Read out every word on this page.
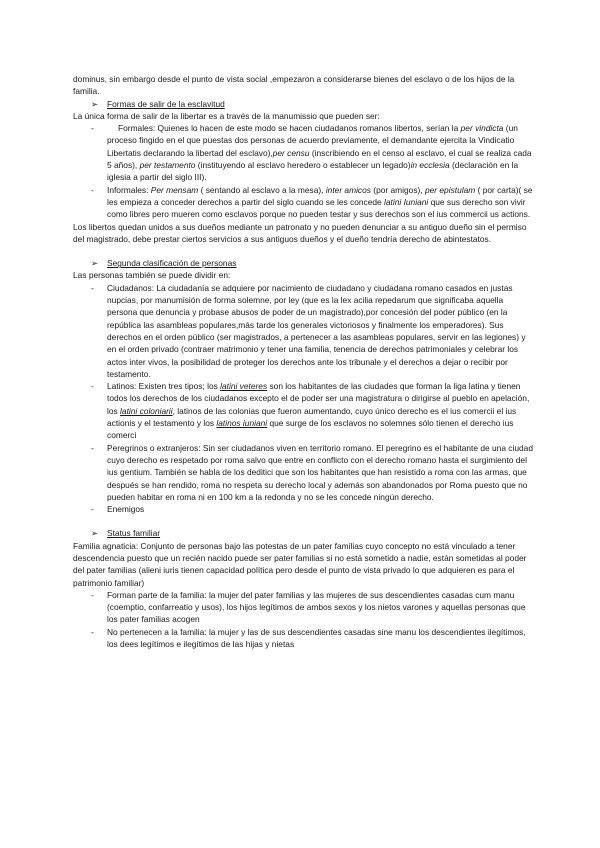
dominus, sin embargo desde el punto de vista social ,empezaron a considerarse bienes del esclavo o de los hijos de la familia.

➢ Formas de salir de la esclavitud

La única forma de salir de la libertar es a través de la manumissio que pueden ser:

-	Formales: Quienes lo hacen de este modo se hacen ciudadanos romanos libertos, serían la per vindicta (un proceso fingido en el que puestas dos personas de acuerdo previamente, el demandante ejercita la Vindicatio Libertatis declarando la libertad del esclavo),per censu (inscribiendo en el censo al esclavo, el cual se realiza cada 5 años), per testamento (instituyendo al esclavo heredero o establecer un legado)in ecclesia (declaración en la iglesia a partir del siglo III).
- Informales: Per mensam ( sentando al esclavo a la mesa), inter amicos (por amigos), per epistulam ( por carta)( se les empieza a conceder derechos a partir del siglo cuando se les concede latini Iuniani que sus derecho son vivir como libres pero mueren como esclavos porque no pueden testar y sus derechos son el ius commercii us actions.

Los libertos quedan unidos a sus dueños mediante un patronato y no pueden denunciar a su antiguo dueño sin el permiso del magistrado, debe prestar ciertos servicios a sus antiguos dueños y el dueño tendría derecho de abintestatos.

➢ Segunda clasificación de personas

Las personas también se puede dividir en:

- Ciudadanos: La ciudadanía se adquiere por nacimiento de ciudadano y ciudadana romano casados en justas nupcias, por manumisión de forma solemne, por ley (que es la lex acilia repedarum que significaba aquella persona que denuncia y probase abusos de poder de un magistrado),por concesión del poder público (en la república las asambleas populares,más tarde los generales victoriosos y finalmente los emperadores). Sus derechos en el orden público (ser magistrados, a pertenecer a las asambleas populares, servir en las legiones) y en el orden privado (contraer matrimonio y tener una familia, tenencia de derechos patrimoniales y celebrar los actos inter vivos, la posibilidad de proteger los derechos ante los tribunale y el derechos a dejar o recibir por testamento.
- Latinos: Existen tres tipos; los latini veteres son los habitantes de las ciudades que forman la liga latina y tienen todos los derechos de los ciudadanos excepto el de poder ser una magistratura o dirigirse al pueblo en apelación, los latini coloniarii, latinos de las colonias que fueron aumentando, cuyo único derecho es el ius comercii el ius actionis y el testamento y los latinos iuniani que surge de los esclavos no solemnes sólo tienen el derecho ius comerci
- Peregrinos o extranjeros: Sin ser ciudadanos viven en territorio romano. El peregrino es el habitante de una ciudad cuyo derecho es respetado por roma salvo que entre en conflicto con el derecho romano hasta el surgimiento del ius gentium. También se habla de los deditici que son los habitantes que han resistido a roma con las armas, que después se han rendido, roma no respeta su derecho local y además son abandonados por Roma puesto que no pueden habitar en roma ni en 100 km a la redonda y no se les concede ningún derecho.
- Enemigos

➢ Status familiar

Familia agnaticia: Conjunto de personas bajo las potestas de un pater familias cuyo concepto no está vinculado a tener descendencia puesto que un recién nacido puede ser pater familias si no está sometido a nadie, están sometidas al poder del pater familias (alieni iuris tienen capacidad política pero desde el punto de vista privado lo que adquieren es para el patrimonio familiar)

- Forman parte de la familia: la mujer del pater familias y las mujeres de sus descendientes casadas cum manu (coemptio, confarreatio y usos), los hijos legítimos de ambos sexos y los nietos varones y aquellas personas que los pater familias acogen
- No pertenecen a la familia: la mujer y las de sus descendientes casadas sine manu los descendientes ilegítimos, los dees legítimos e ilegítimos de las hijas y nietas
